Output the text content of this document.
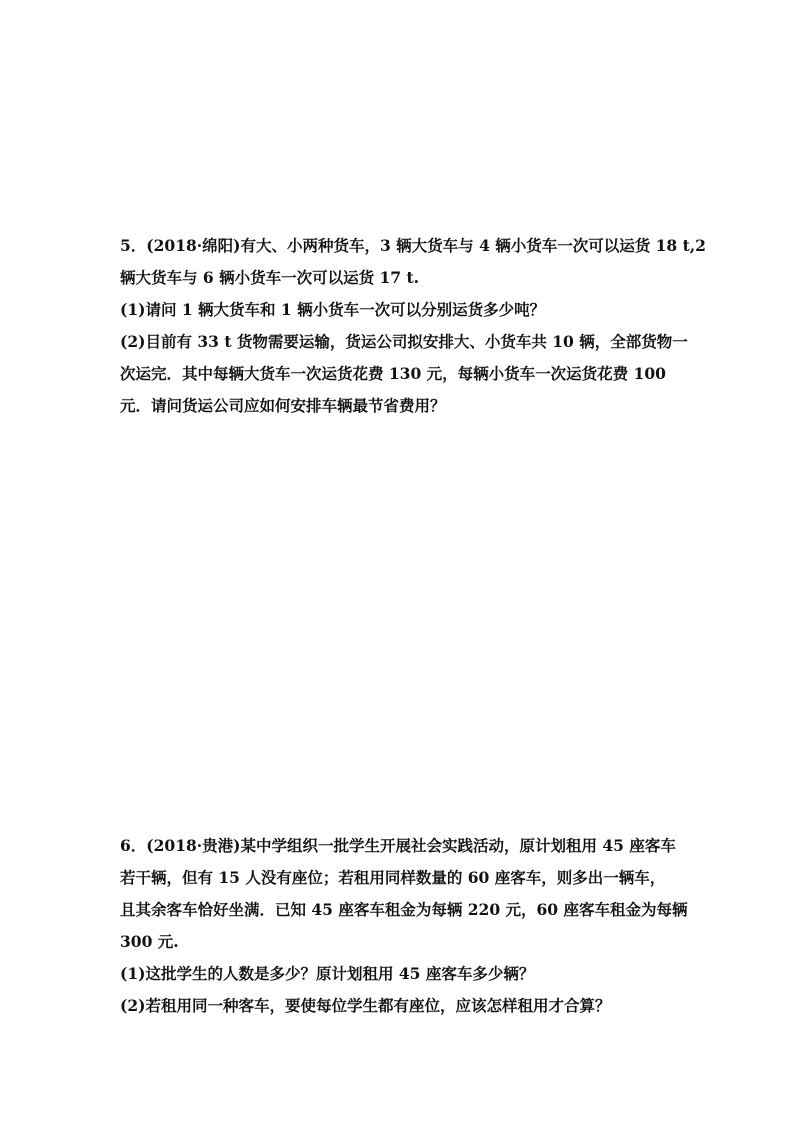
5．(2018·绵阳)有大、小两种货车，3 辆大货车与 4 辆小货车一次可以运货 18 t,2
辆大货车与 6 辆小货车一次可以运货 17 t.
(1)请问 1 辆大货车和 1 辆小货车一次可以分别运货多少吨？
(2)目前有 33 t 货物需要运输，货运公司拟安排大、小货车共 10 辆，全部货物一
次运完．其中每辆大货车一次运货花费 130 元，每辆小货车一次运货花费 100
元．请问货运公司应如何安排车辆最节省费用？
6．(2018·贵港)某中学组织一批学生开展社会实践活动，原计划租用 45 座客车
若干辆，但有 15 人没有座位；若租用同样数量的 60 座客车，则多出一辆车，
且其余客车恰好坐满．已知 45 座客车租金为每辆 220 元，60 座客车租金为每辆
300 元.
(1)这批学生的人数是多少？原计划租用 45 座客车多少辆？
(2)若租用同一种客车，要使每位学生都有座位，应该怎样租用才合算？
